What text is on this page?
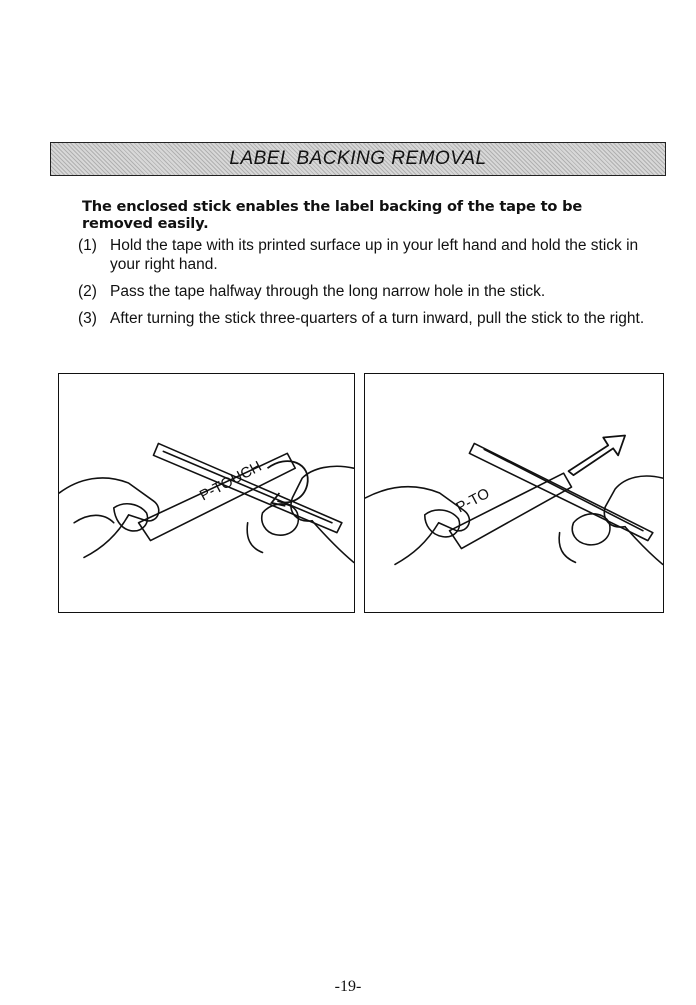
LABEL BACKING REMOVAL
The enclosed stick enables the label backing of the tape to be removed easily.
(1) Hold the tape with its printed surface up in your left hand and hold the stick in your right hand.
(2) Pass the tape halfway through the long narrow hole in the stick.
(3) After turning the stick three-quarters of a turn inward, pull the stick to the right.
P-TOUCH	P-TO
-19-
